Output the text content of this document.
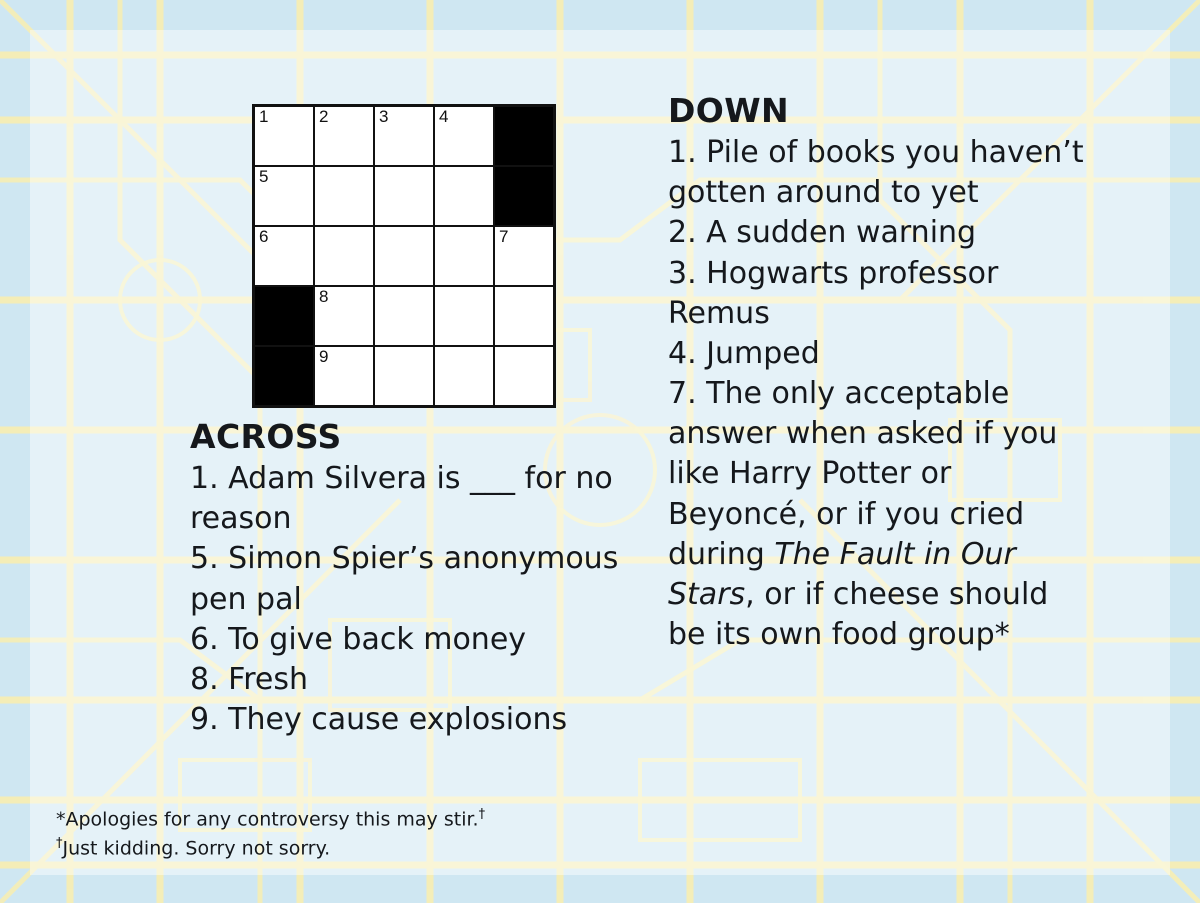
1	2	3	4	

5				

6				7

	8			

	9			

ACROSS
1. Adam Silvera is ___ for no reason
5. Simon Spier’s anonymous pen pal
6. To give back money
8. Fresh
9. They cause explosions
DOWN
1. Pile of books you haven’t gotten around to yet
2. A sudden warning
3. Hogwarts professor Remus
4. Jumped
7. The only acceptable answer when asked if you like Harry Potter or Beyoncé, or if you cried during The Fault in Our Stars, or if cheese should be its own food group*
*Apologies for any controversy this may stir.†
†Just kidding. Sorry not sorry.
